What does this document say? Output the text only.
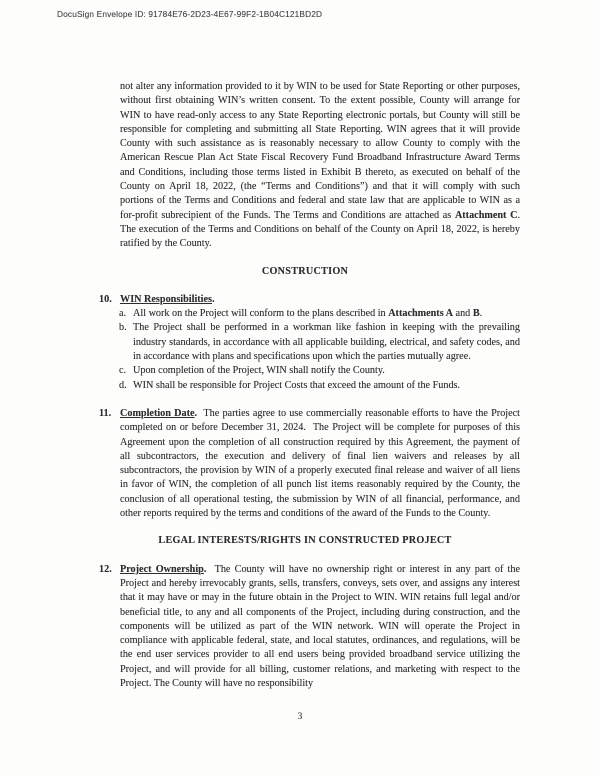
DocuSign Envelope ID: 91784E76-2D23-4E67-99F2-1B04C121BD2D

not alter any information provided to it by WIN to be used for State Reporting or other purposes, without first obtaining WIN’s written consent. To the extent possible, County will arrange for WIN to have read-only access to any State Reporting electronic portals, but County will still be responsible for completing and submitting all State Reporting. WIN agrees that it will provide County with such assistance as is reasonably necessary to allow County to comply with the American Rescue Plan Act State Fiscal Recovery Fund Broadband Infrastructure Award Terms and Conditions, including those terms listed in Exhibit B thereto, as executed on behalf of the County on April 18, 2022, (the “Terms and Conditions”) and that it will comply with such portions of the Terms and Conditions and federal and state law that are applicable to WIN as a for-profit subrecipient of the Funds. The Terms and Conditions are attached as Attachment C. The execution of the Terms and Conditions on behalf of the County on April 18, 2022, is hereby ratified by the County.

CONSTRUCTION
10. WIN Responsibilities.
a. All work on the Project will conform to the plans described in Attachments A and B.
b. The Project shall be performed in a workman like fashion in keeping with the prevailing industry standards, in accordance with all applicable building, electrical, and safety codes, and in accordance with plans and specifications upon which the parties mutually agree.
c. Upon completion of the Project, WIN shall notify the County.
d. WIN shall be responsible for Project Costs that exceed the amount of the Funds.
11. Completion Date.  The parties agree to use commercially reasonable efforts to have the Project completed on or before December 31, 2024.  The Project will be complete for purposes of this Agreement upon the completion of all construction required by this Agreement, the payment of all subcontractors, the execution and delivery of final lien waivers and releases by all subcontractors, the provision by WIN of a properly executed final release and waiver of all liens in favor of WIN, the completion of all punch list items reasonably required by the County, the conclusion of all operational testing, the submission by WIN of all financial, performance, and other reports required by the terms and conditions of the award of the Funds to the County.
LEGAL INTERESTS/RIGHTS IN CONSTRUCTED PROJECT
12. Project Ownership.  The County will have no ownership right or interest in any part of the Project and hereby irrevocably grants, sells, transfers, conveys, sets over, and assigns any interest that it may have or may in the future obtain in the Project to WIN. WIN retains full legal and/or beneficial title, to any and all components of the Project, including during construction, and the components will be utilized as part of the WIN network. WIN will operate the Project in compliance with applicable federal, state, and local statutes, ordinances, and regulations, will be the end user services provider to all end users being provided broadband service utilizing the Project, and will provide for all billing, customer relations, and marketing with respect to the Project. The County will have no responsibility
3
